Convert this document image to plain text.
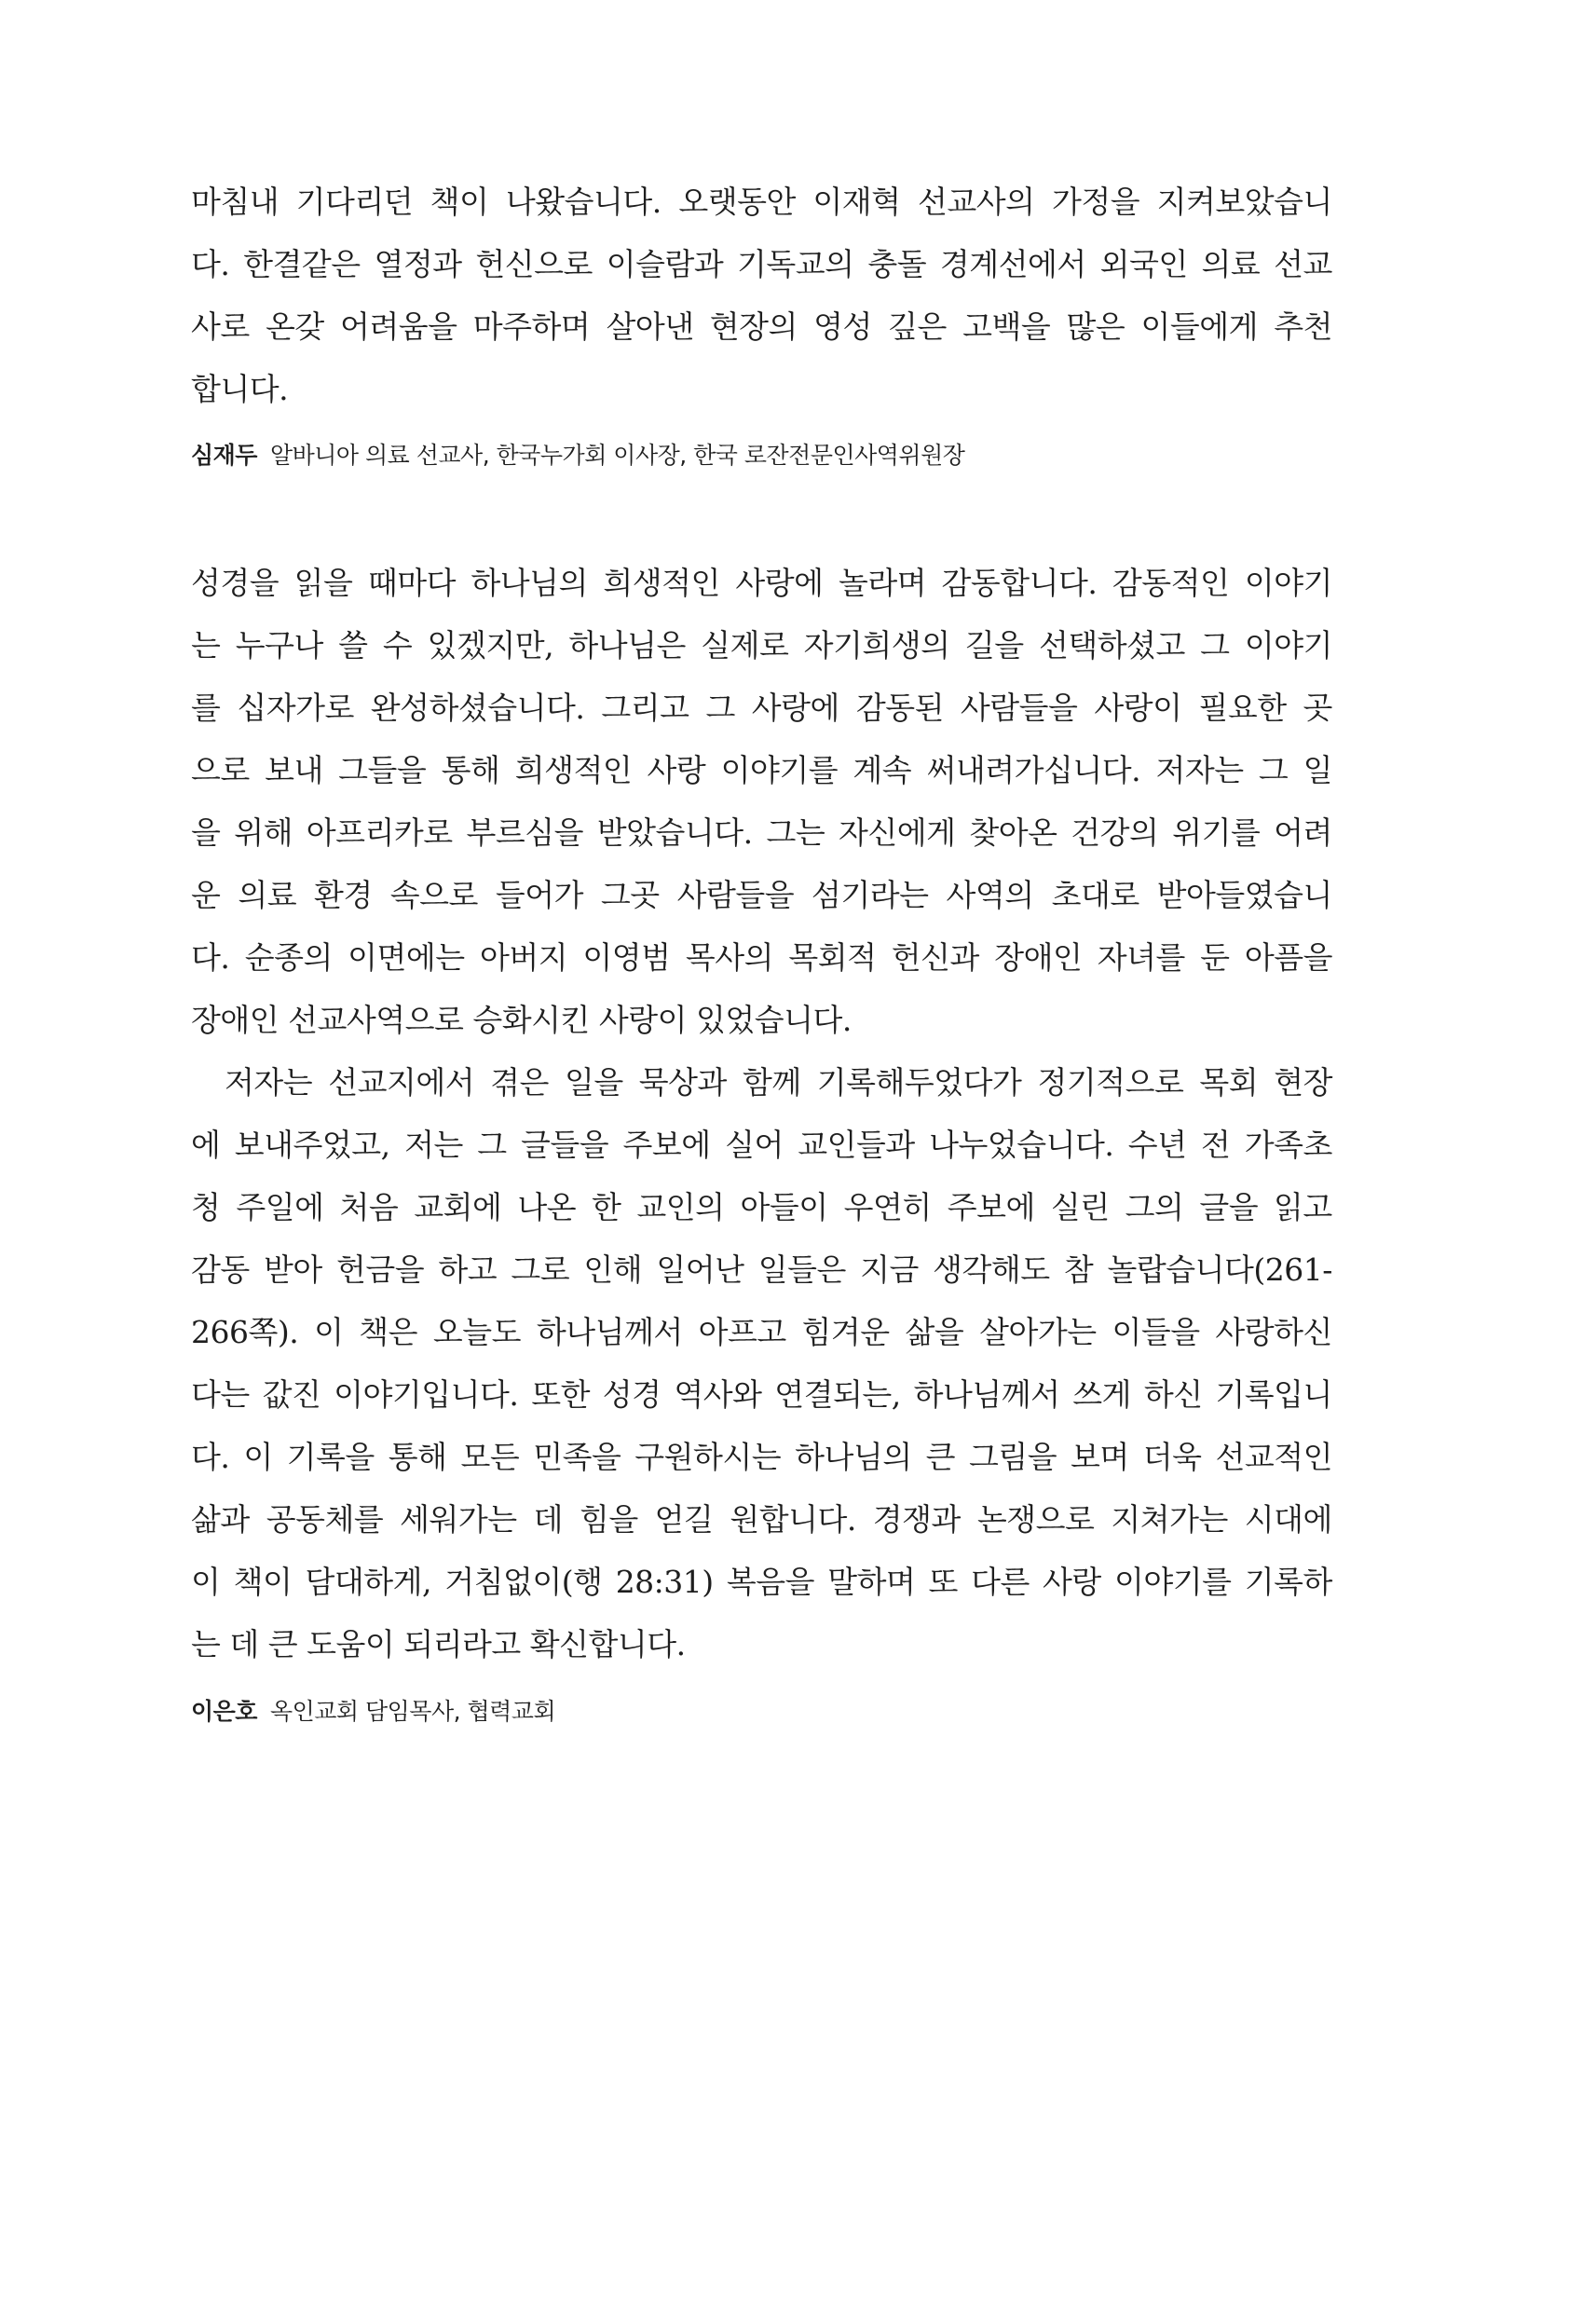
마침내 기다리던 책이 나왔습니다. 오랫동안 이재혁 선교사의 가정을 지켜보았습니
다. 한결같은 열정과 헌신으로 이슬람과 기독교의 충돌 경계선에서 외국인 의료 선교
사로 온갖 어려움을 마주하며 살아낸 현장의 영성 깊은 고백을 많은 이들에게 추천
합니다.
심재두 알바니아 의료 선교사, 한국누가회 이사장, 한국 로잔전문인사역위원장
성경을 읽을 때마다 하나님의 희생적인 사랑에 놀라며 감동합니다. 감동적인 이야기
는 누구나 쓸 수 있겠지만, 하나님은 실제로 자기희생의 길을 선택하셨고 그 이야기
를 십자가로 완성하셨습니다. 그리고 그 사랑에 감동된 사람들을 사랑이 필요한 곳
으로 보내 그들을 통해 희생적인 사랑 이야기를 계속 써내려가십니다. 저자는 그 일
을 위해 아프리카로 부르심을 받았습니다. 그는 자신에게 찾아온 건강의 위기를 어려
운 의료 환경 속으로 들어가 그곳 사람들을 섬기라는 사역의 초대로 받아들였습니
다. 순종의 이면에는 아버지 이영범 목사의 목회적 헌신과 장애인 자녀를 둔 아픔을
장애인 선교사역으로 승화시킨 사랑이 있었습니다.
저자는 선교지에서 겪은 일을 묵상과 함께 기록해두었다가 정기적으로 목회 현장
에 보내주었고, 저는 그 글들을 주보에 실어 교인들과 나누었습니다. 수년 전 가족초
청 주일에 처음 교회에 나온 한 교인의 아들이 우연히 주보에 실린 그의 글을 읽고
감동 받아 헌금을 하고 그로 인해 일어난 일들은 지금 생각해도 참 놀랍습니다(261-
266쪽). 이 책은 오늘도 하나님께서 아프고 힘겨운 삶을 살아가는 이들을 사랑하신
다는 값진 이야기입니다. 또한 성경 역사와 연결되는, 하나님께서 쓰게 하신 기록입니
다. 이 기록을 통해 모든 민족을 구원하시는 하나님의 큰 그림을 보며 더욱 선교적인
삶과 공동체를 세워가는 데 힘을 얻길 원합니다. 경쟁과 논쟁으로 지쳐가는 시대에
이 책이 담대하게, 거침없이(행 28:31) 복음을 말하며 또 다른 사랑 이야기를 기록하
는 데 큰 도움이 되리라고 확신합니다.
이은호 옥인교회 담임목사, 협력교회
